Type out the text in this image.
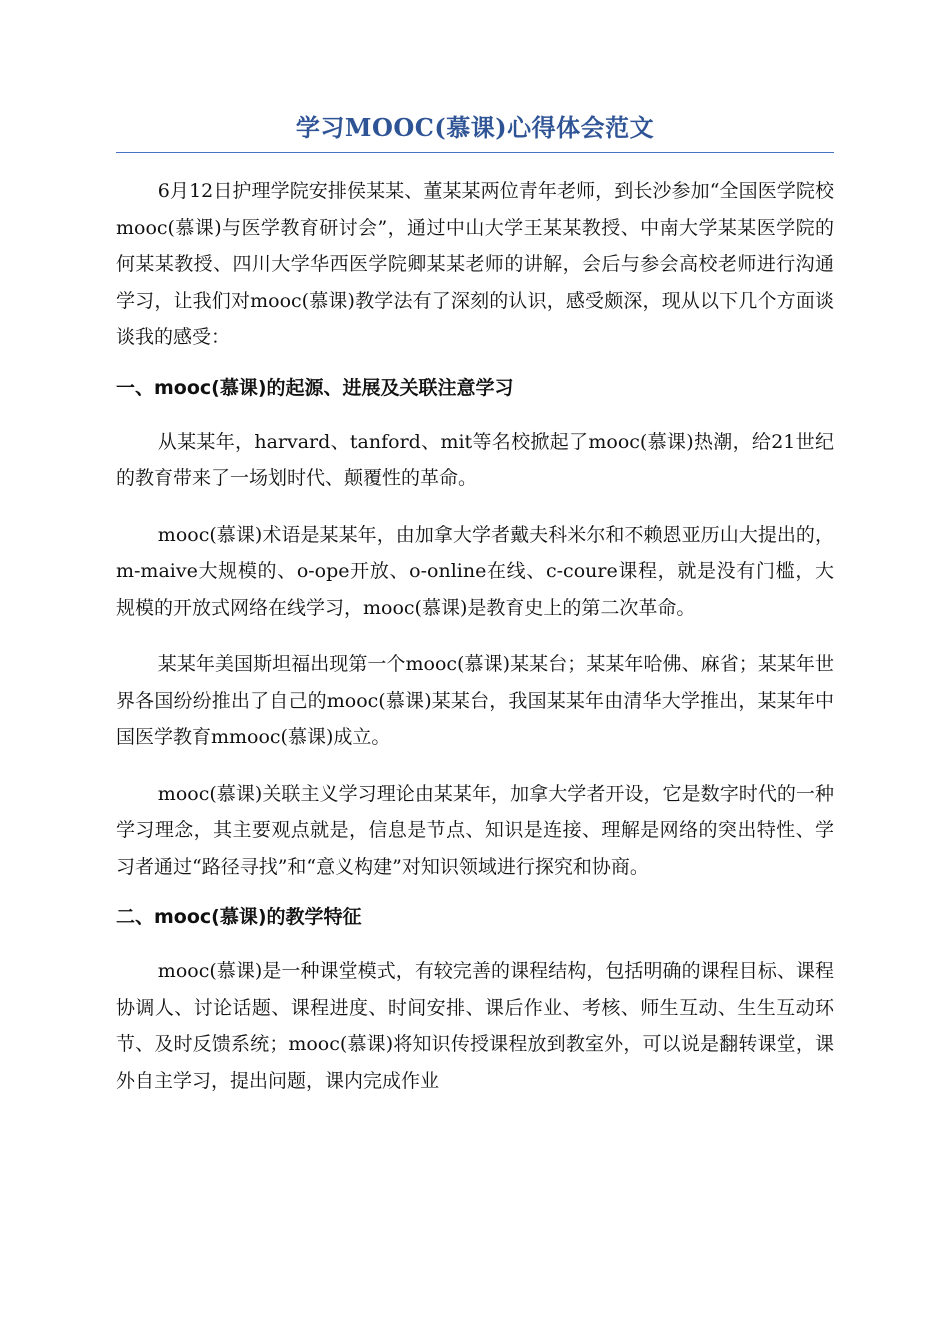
学习MOOC(慕课)心得体会范文

6月12日护理学院安排侯某某、董某某两位青年老师，到长沙参加“全国医学院校mooc(慕课)与医学教育研讨会”，通过中山大学王某某教授、中南大学某某医学院的何某某教授、四川大学华西医学院卿某某老师的讲解，会后与参会高校老师进行沟通学习，让我们对mooc(慕课)教学法有了深刻的认识，感受颇深，现从以下几个方面谈谈我的感受：

一、mooc(慕课)的起源、进展及关联注意学习

从某某年，harvard、tanford、mit等名校掀起了mooc(慕课)热潮，给21世纪的教育带来了一场划时代、颠覆性的革命。

mooc(慕课)术语是某某年，由加拿大学者戴夫科米尔和不赖恩亚历山大提出的，m-maive大规模的、o-ope开放、o-online在线、c-coure课程，就是没有门槛，大规模的开放式网络在线学习，mooc(慕课)是教育史上的第二次革命。

某某年美国斯坦福出现第一个mooc(慕课)某某台；某某年哈佛、麻省；某某年世界各国纷纷推出了自己的mooc(慕课)某某台，我国某某年由清华大学推出，某某年中国医学教育mmooc(慕课)成立。

mooc(慕课)关联主义学习理论由某某年，加拿大学者开设，它是数字时代的一种学习理念，其主要观点就是，信息是节点、知识是连接、理解是网络的突出特性、学习者通过“路径寻找”和“意义构建”对知识领域进行探究和协商。

二、mooc(慕课)的教学特征

mooc(慕课)是一种课堂模式，有较完善的课程结构，包括明确的课程目标、课程协调人、讨论话题、课程进度、时间安排、课后作业、考核、师生互动、生生互动环节、及时反馈系统；mooc(慕课)将知识传授课程放到教室外，可以说是翻转课堂，课外自主学习，提出问题，课内完成作业
